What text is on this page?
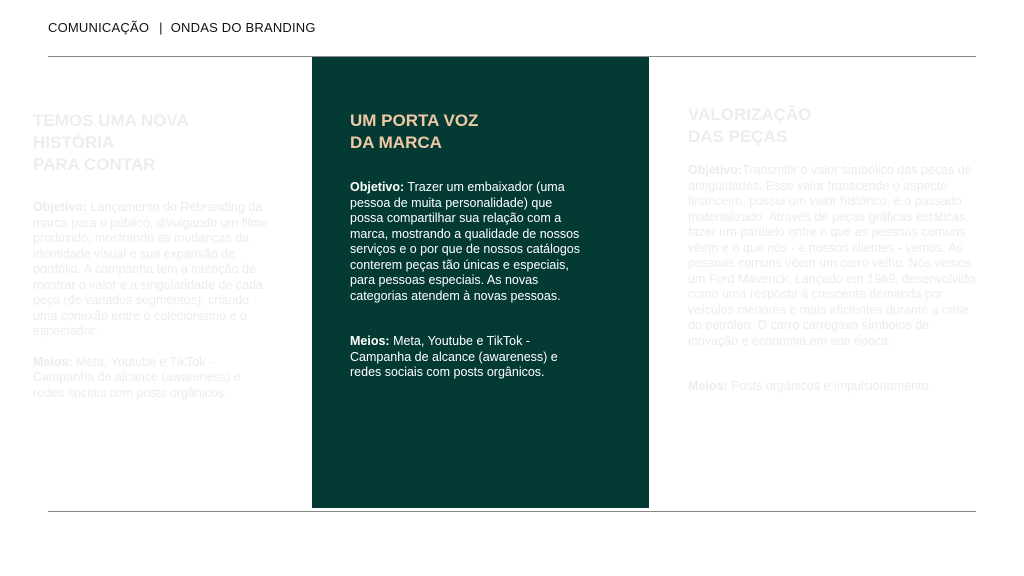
COMUNICAÇÃO | ONDAS DO BRANDING
TEMOS UMA NOVA
HISTÓRIA
PARA CONTAR

Objetivo: Lançamento do Rebranding da marca para o público, divulgando um filme produzido, mostrando as mudanças da identidade visual e sua expansão de portfólio. A campanha tem a intenção de mostrar o valor e a singularidade de cada peça (de variados segmentos), criando uma conexão entre o colecionismo e o espectador.

Meios: Meta, Youtube e TikTok - Campanha de alcance (awareness) e redes sociais com posts orgânicos.

UM PORTA VOZ
DA MARCA

Objetivo: Trazer um embaixador (uma pessoa de muita personalidade) que possa compartilhar sua relação com a marca, mostrando a qualidade de nossos serviços e o por que de nossos catálogos conterem peças tão únicas e especiais, para pessoas especiais. As novas categorias atendem à novas pessoas.

Meios: Meta, Youtube e TikTok - Campanha de alcance (awareness) e redes sociais com posts orgânicos.

VALORIZAÇÃO
DAS PEÇAS

Objetivo:Transmitir o valor simbólico das peças de antiguidades. Esse valor transcende o aspecto financeiro, possui um valor histórico, é o passado materializado. Através de peças gráficas estáticas, fazer um paralelo entre o que as pessoas comuns vêem e o que nós - e nossos clientes - vemos. As pessoas comuns vêem um carro velho. Nós vemos um Ford Maverick, Lançado em 1969, desenvolvido como uma resposta à crescente demanda por veículos menores e mais eficientes durante a crise do petróleo. O carro carregava símbolos de inovação e economia em sua época.

Meios: Posts orgânicos e impulsionamento.
